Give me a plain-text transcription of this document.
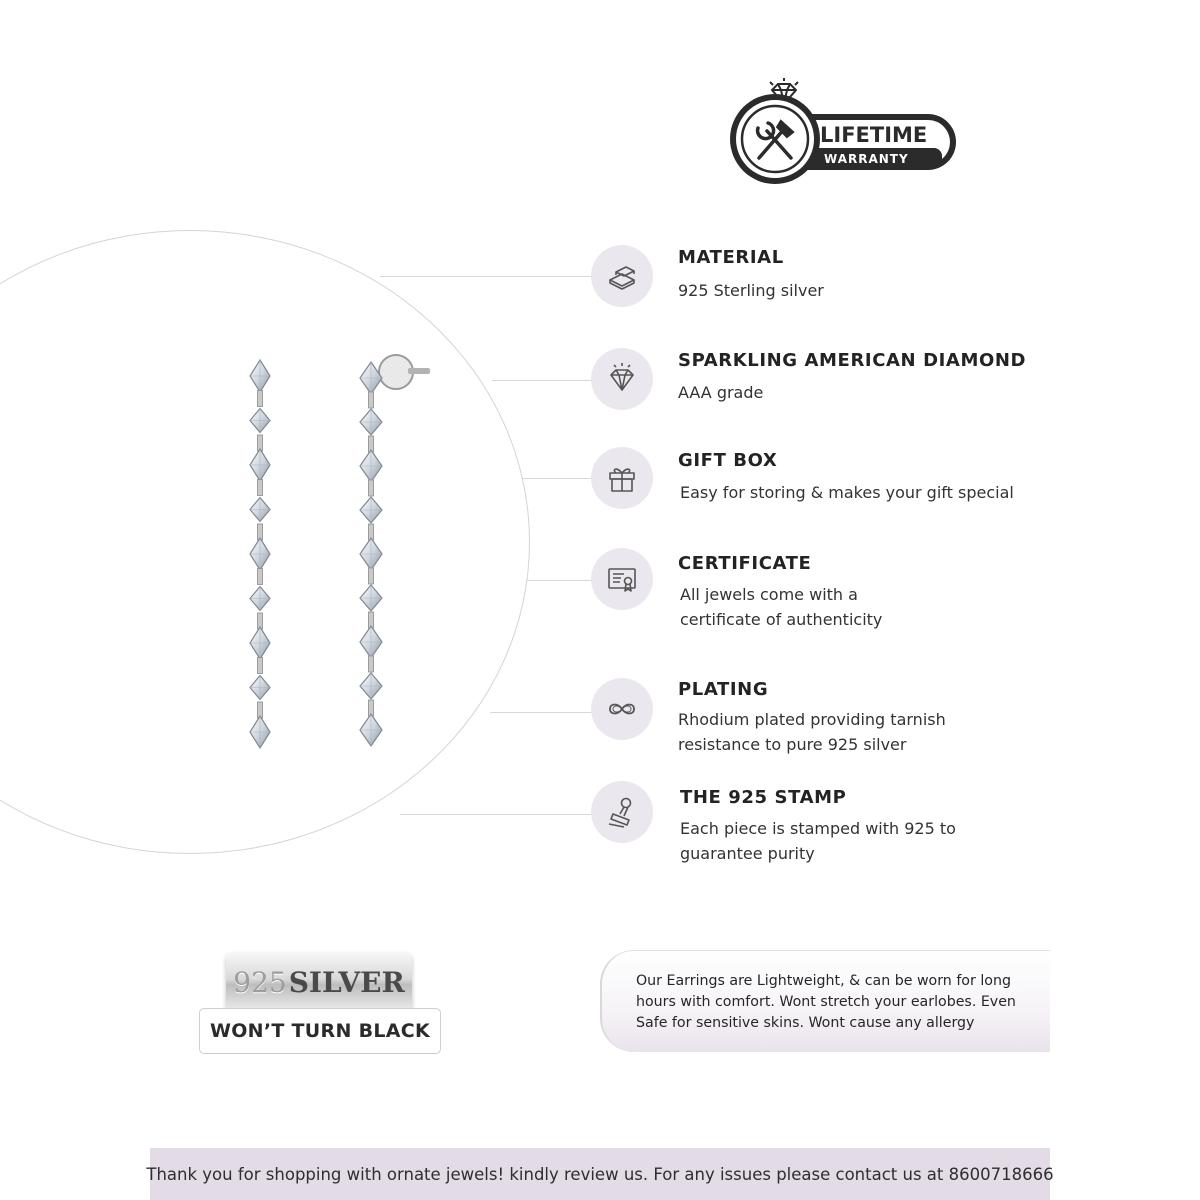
LIFETIME
WARRANTY
MATERIAL
925 Sterling silver
SPARKLING AMERICAN DIAMOND
AAA grade
GIFT BOX
Easy for storing & makes your gift special
CERTIFICATE
All jewels come with a
certificate of authenticity
PLATING
Rhodium plated providing tarnish
resistance to pure 925 silver
THE 925 STAMP
Each piece is stamped with 925 to
guarantee purity
925 SILVER
WON’T TURN BLACK
Our Earrings are Lightweight, & can be worn for long
hours with comfort. Wont stretch your earlobes. Even
Safe for sensitive skins. Wont cause any allergy
Thank you for shopping with ornate jewels! kindly review us. For any issues please contact us at 8600718666
